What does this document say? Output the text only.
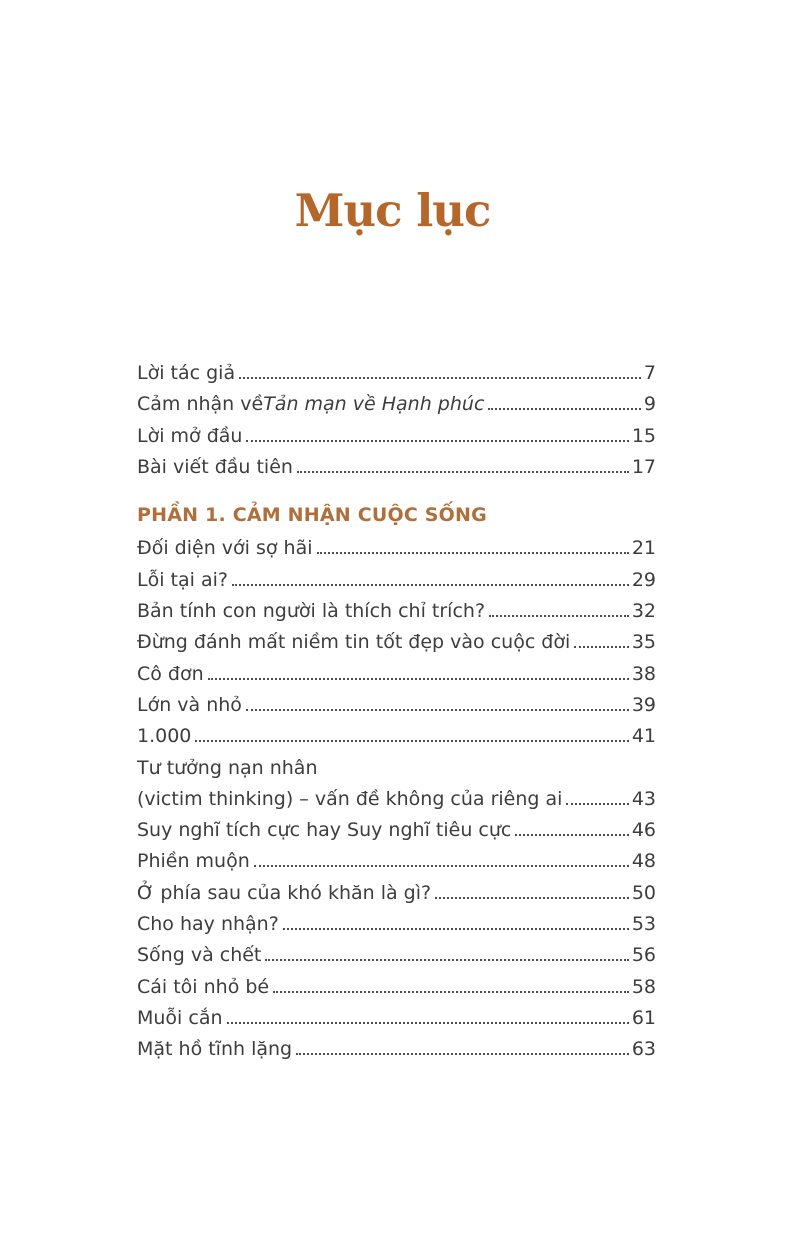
Mục lục
Lời tác giả	7
Cảm nhận về Tản mạn về Hạnh phúc	9
Lời mở đầu	15
Bài viết đầu tiên	17
PHẦN 1. CẢM NHẬN CUỘC SỐNG
Đối diện với sợ hãi	21
Lỗi tại ai?	29
Bản tính con người là thích chỉ trích?	32
Đừng đánh mất niềm tin tốt đẹp vào cuộc đời	35
Cô đơn	38
Lớn và nhỏ	39
1.000	41
Tư tưởng nạn nhân
(victim thinking) – vấn đề không của riêng ai	43
Suy nghĩ tích cực hay Suy nghĩ tiêu cực	46
Phiền muộn	48
Ở phía sau của khó khăn là gì?	50
Cho hay nhận?	53
Sống và chết	56
Cái tôi nhỏ bé	58
Muỗi cắn	61
Mặt hồ tĩnh lặng	63
